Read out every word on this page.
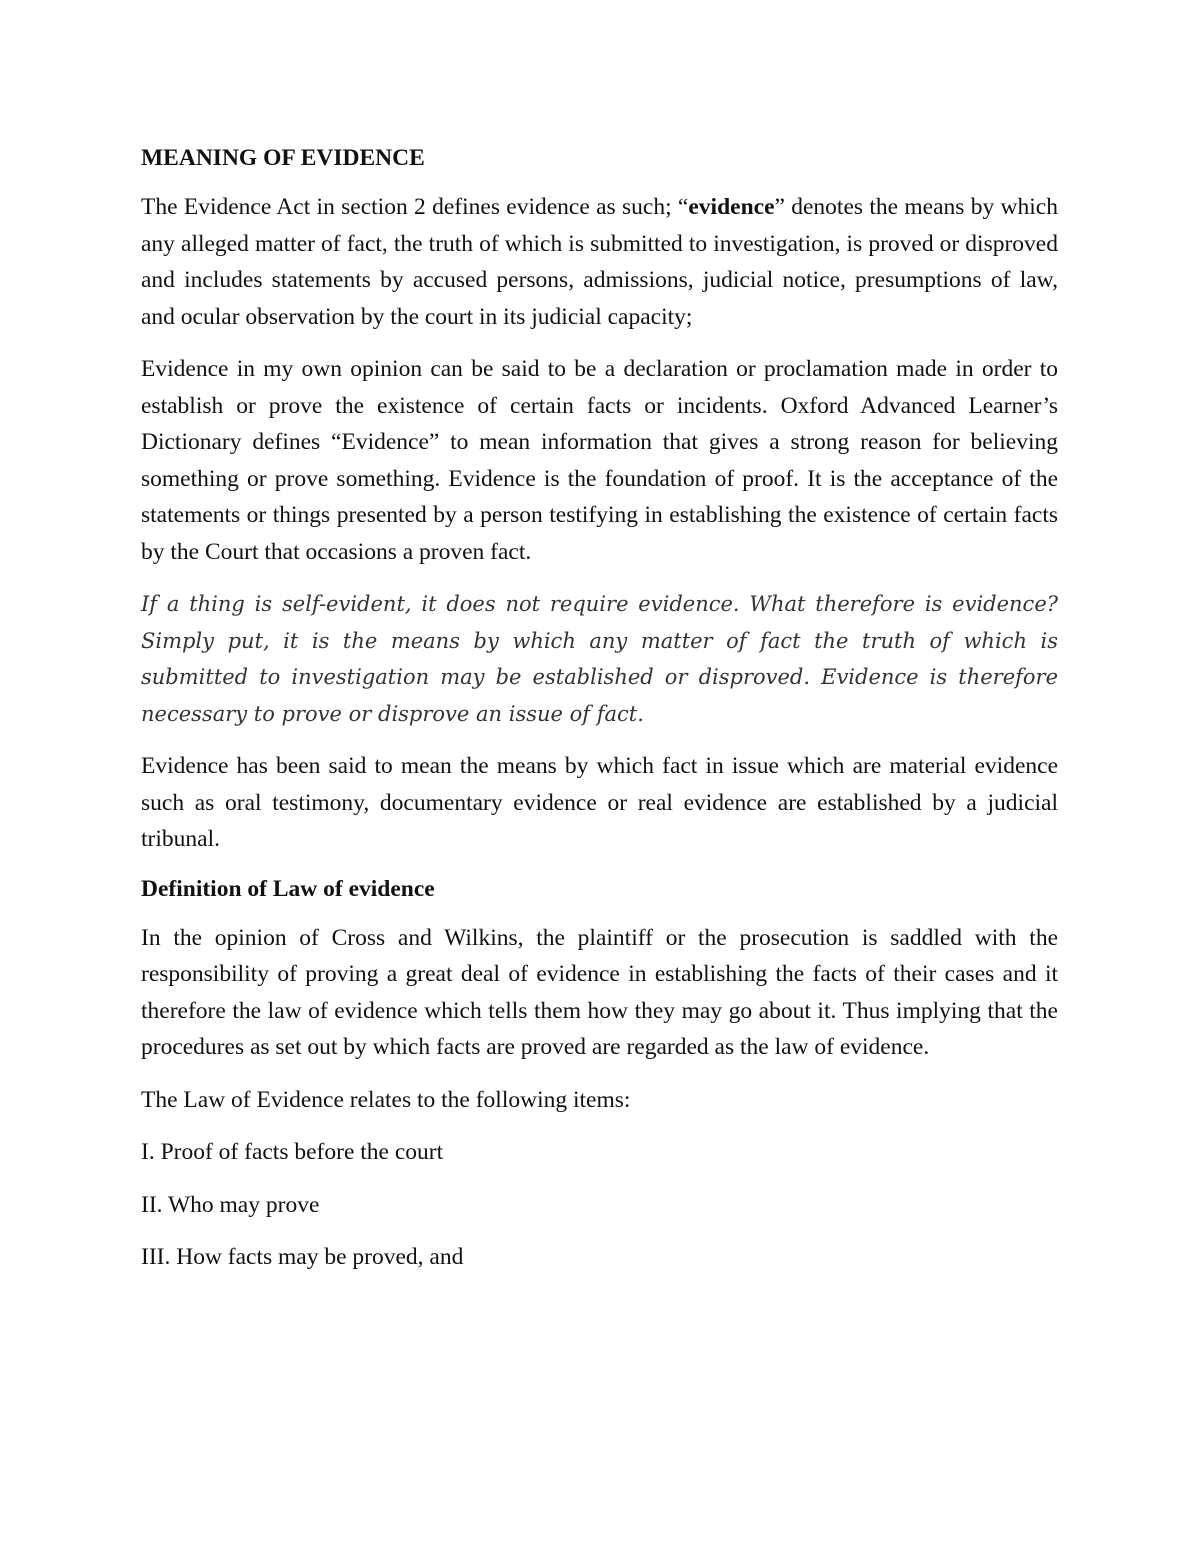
MEANING OF EVIDENCE

The Evidence Act in section 2 defines evidence as such; “evidence” denotes the means by which any alleged matter of fact, the truth of which is submitted to investigation, is proved or disproved and includes statements by accused persons, admissions, judicial notice, presumptions of law, and ocular observation by the court in its judicial capacity;

Evidence in my own opinion can be said to be a declaration or proclamation made in order to establish or prove the existence of certain facts or incidents. Oxford Advanced Learner’s Dictionary defines “Evidence” to mean information that gives a strong reason for believing something or prove something. Evidence is the foundation of proof. It is the acceptance of the statements or things presented by a person testifying in establishing the existence of certain facts by the Court that occasions a proven fact.

If a thing is self-evident, it does not require evidence. What therefore is evidence? Simply put, it is the means by which any matter of fact the truth of which is submitted to investigation may be established or disproved. Evidence is therefore necessary to prove or disprove an issue of fact.

Evidence has been said to mean the means by which fact in issue which are material evidence such as oral testimony, documentary evidence or real evidence are established by a judicial tribunal.

Definition of Law of evidence

In the opinion of Cross and Wilkins, the plaintiff or the prosecution is saddled with the responsibility of proving a great deal of evidence in establishing the facts of their cases and it therefore the law of evidence which tells them how they may go about it. Thus implying that the procedures as set out by which facts are proved are regarded as the law of evidence.

The Law of Evidence relates to the following items:

I. Proof of facts before the court

II. Who may prove

III. How facts may be proved, and
